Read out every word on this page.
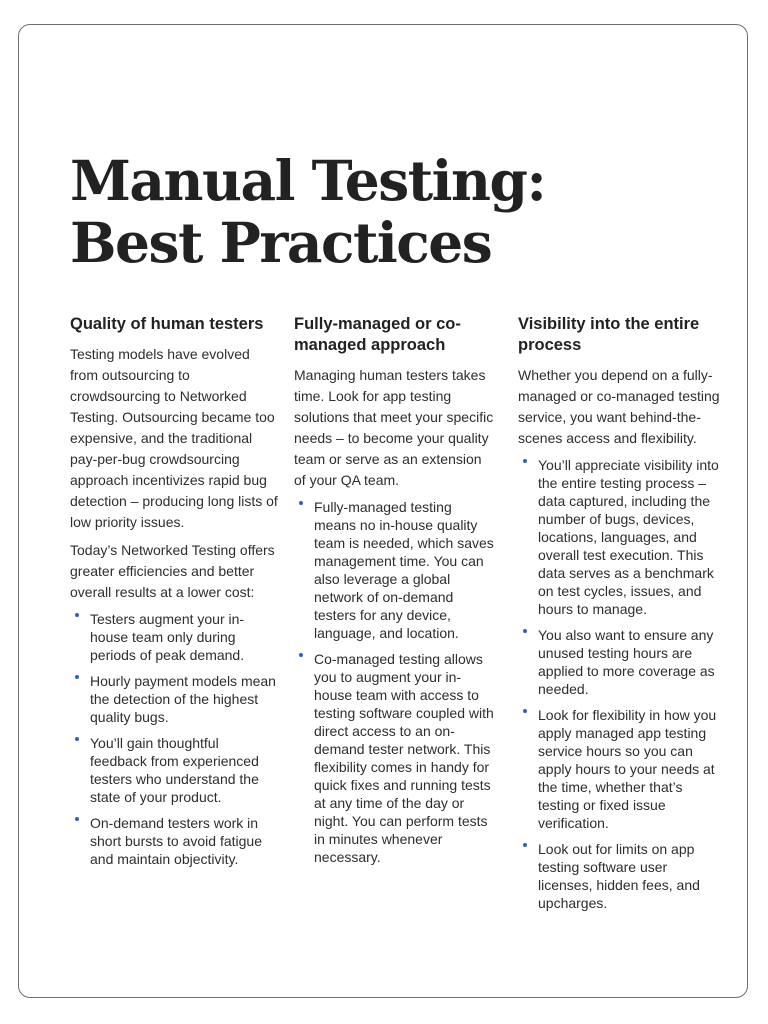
Manual Testing:
Best Practices
Quality of human testers

Testing models have evolved from outsourcing to crowdsourcing to Networked Testing. Outsourcing became too expensive, and the traditional pay-per-bug crowdsourcing approach incentivizes rapid bug detection – producing long lists of low priority issues.

Today’s Networked Testing offers greater efficiencies and better overall results at a lower cost:

Testers augment your in-house team only during periods of peak demand.
Hourly payment models mean the detection of the highest quality bugs.
You’ll gain thoughtful feedback from experienced testers who understand the state of your product.
On-demand testers work in short bursts to avoid fatigue and maintain objectivity.
Fully-managed or co-managed approach

Managing human testers takes time. Look for app testing solutions that meet your specific needs – to become your quality team or serve as an extension of your QA team.

Fully-managed testing means no in-house quality team is needed, which saves management time. You can also leverage a global network of on-demand testers for any device, language, and location.
Co-managed testing allows you to augment your in-house team with access to testing software coupled with direct access to an on-demand tester network. This flexibility comes in handy for quick fixes and running tests at any time of the day or night. You can perform tests in minutes whenever necessary.
Visibility into the entire process

Whether you depend on a fully-managed or co-managed testing service, you want behind-the-scenes access and flexibility.

You’ll appreciate visibility into the entire testing process – data captured, including the number of bugs, devices, locations, languages, and overall test execution. This data serves as a benchmark on test cycles, issues, and hours to manage.
You also want to ensure any unused testing hours are applied to more coverage as needed.
Look for flexibility in how you apply managed app testing service hours so you can apply hours to your needs at the time, whether that’s testing or fixed issue verification.
Look out for limits on app testing software user licenses, hidden fees, and upcharges.
